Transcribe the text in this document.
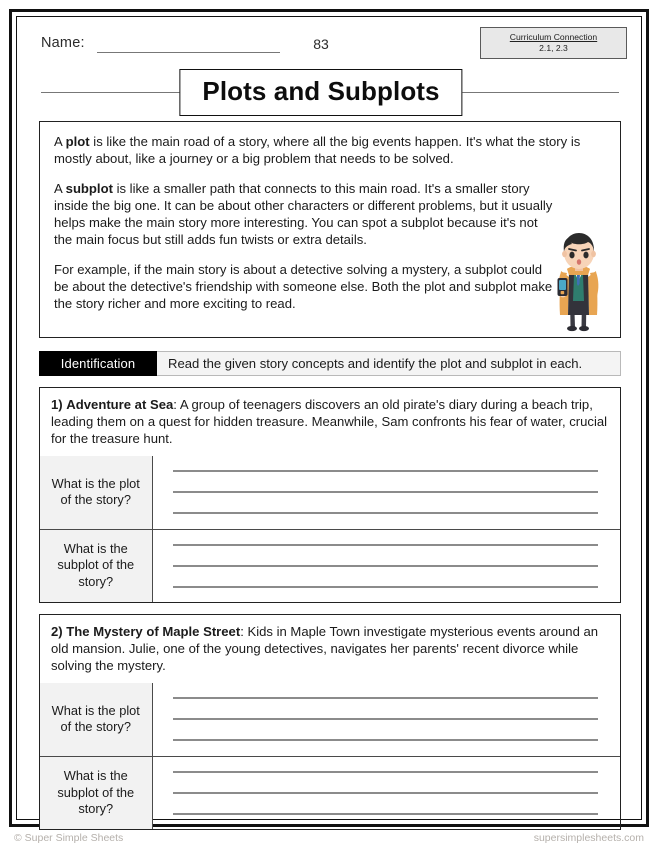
Name:	83	Curriculum Connection
2.1, 2.3
Plots and Subplots

A plot is like the main road of a story, where all the big events happen. It's what the story is mostly about, like a journey or a big problem that needs to be solved.

A subplot is like a smaller path that connects to this main road. It's a smaller story inside the big one. It can be about other characters or different problems, but it usually helps make the main story more interesting. You can spot a subplot because it's not the main focus but still adds fun twists or extra details.

For example, if the main story is about a detective solving a mystery, a subplot could be about the detective's friendship with someone else. Both the plot and subplot make the story richer and more exciting to read.

Identification	Read the given story concepts and identify the plot and subplot in each.
1) Adventure at Sea: A group of teenagers discovers an old pirate's diary during a beach trip, leading them on a quest for hidden treasure. Meanwhile, Sam confronts his fear of water, crucial for the treasure hunt.
What is the plot of the story?	

What is the subplot of the story?	
2) The Mystery of Maple Street: Kids in Maple Town investigate mysterious events around an old mansion. Julie, one of the young detectives, navigates her parents' recent divorce while solving the mystery.
What is the plot of the story?	

What is the subplot of the story?	
© Super Simple Sheets	supersimplesheets.com
